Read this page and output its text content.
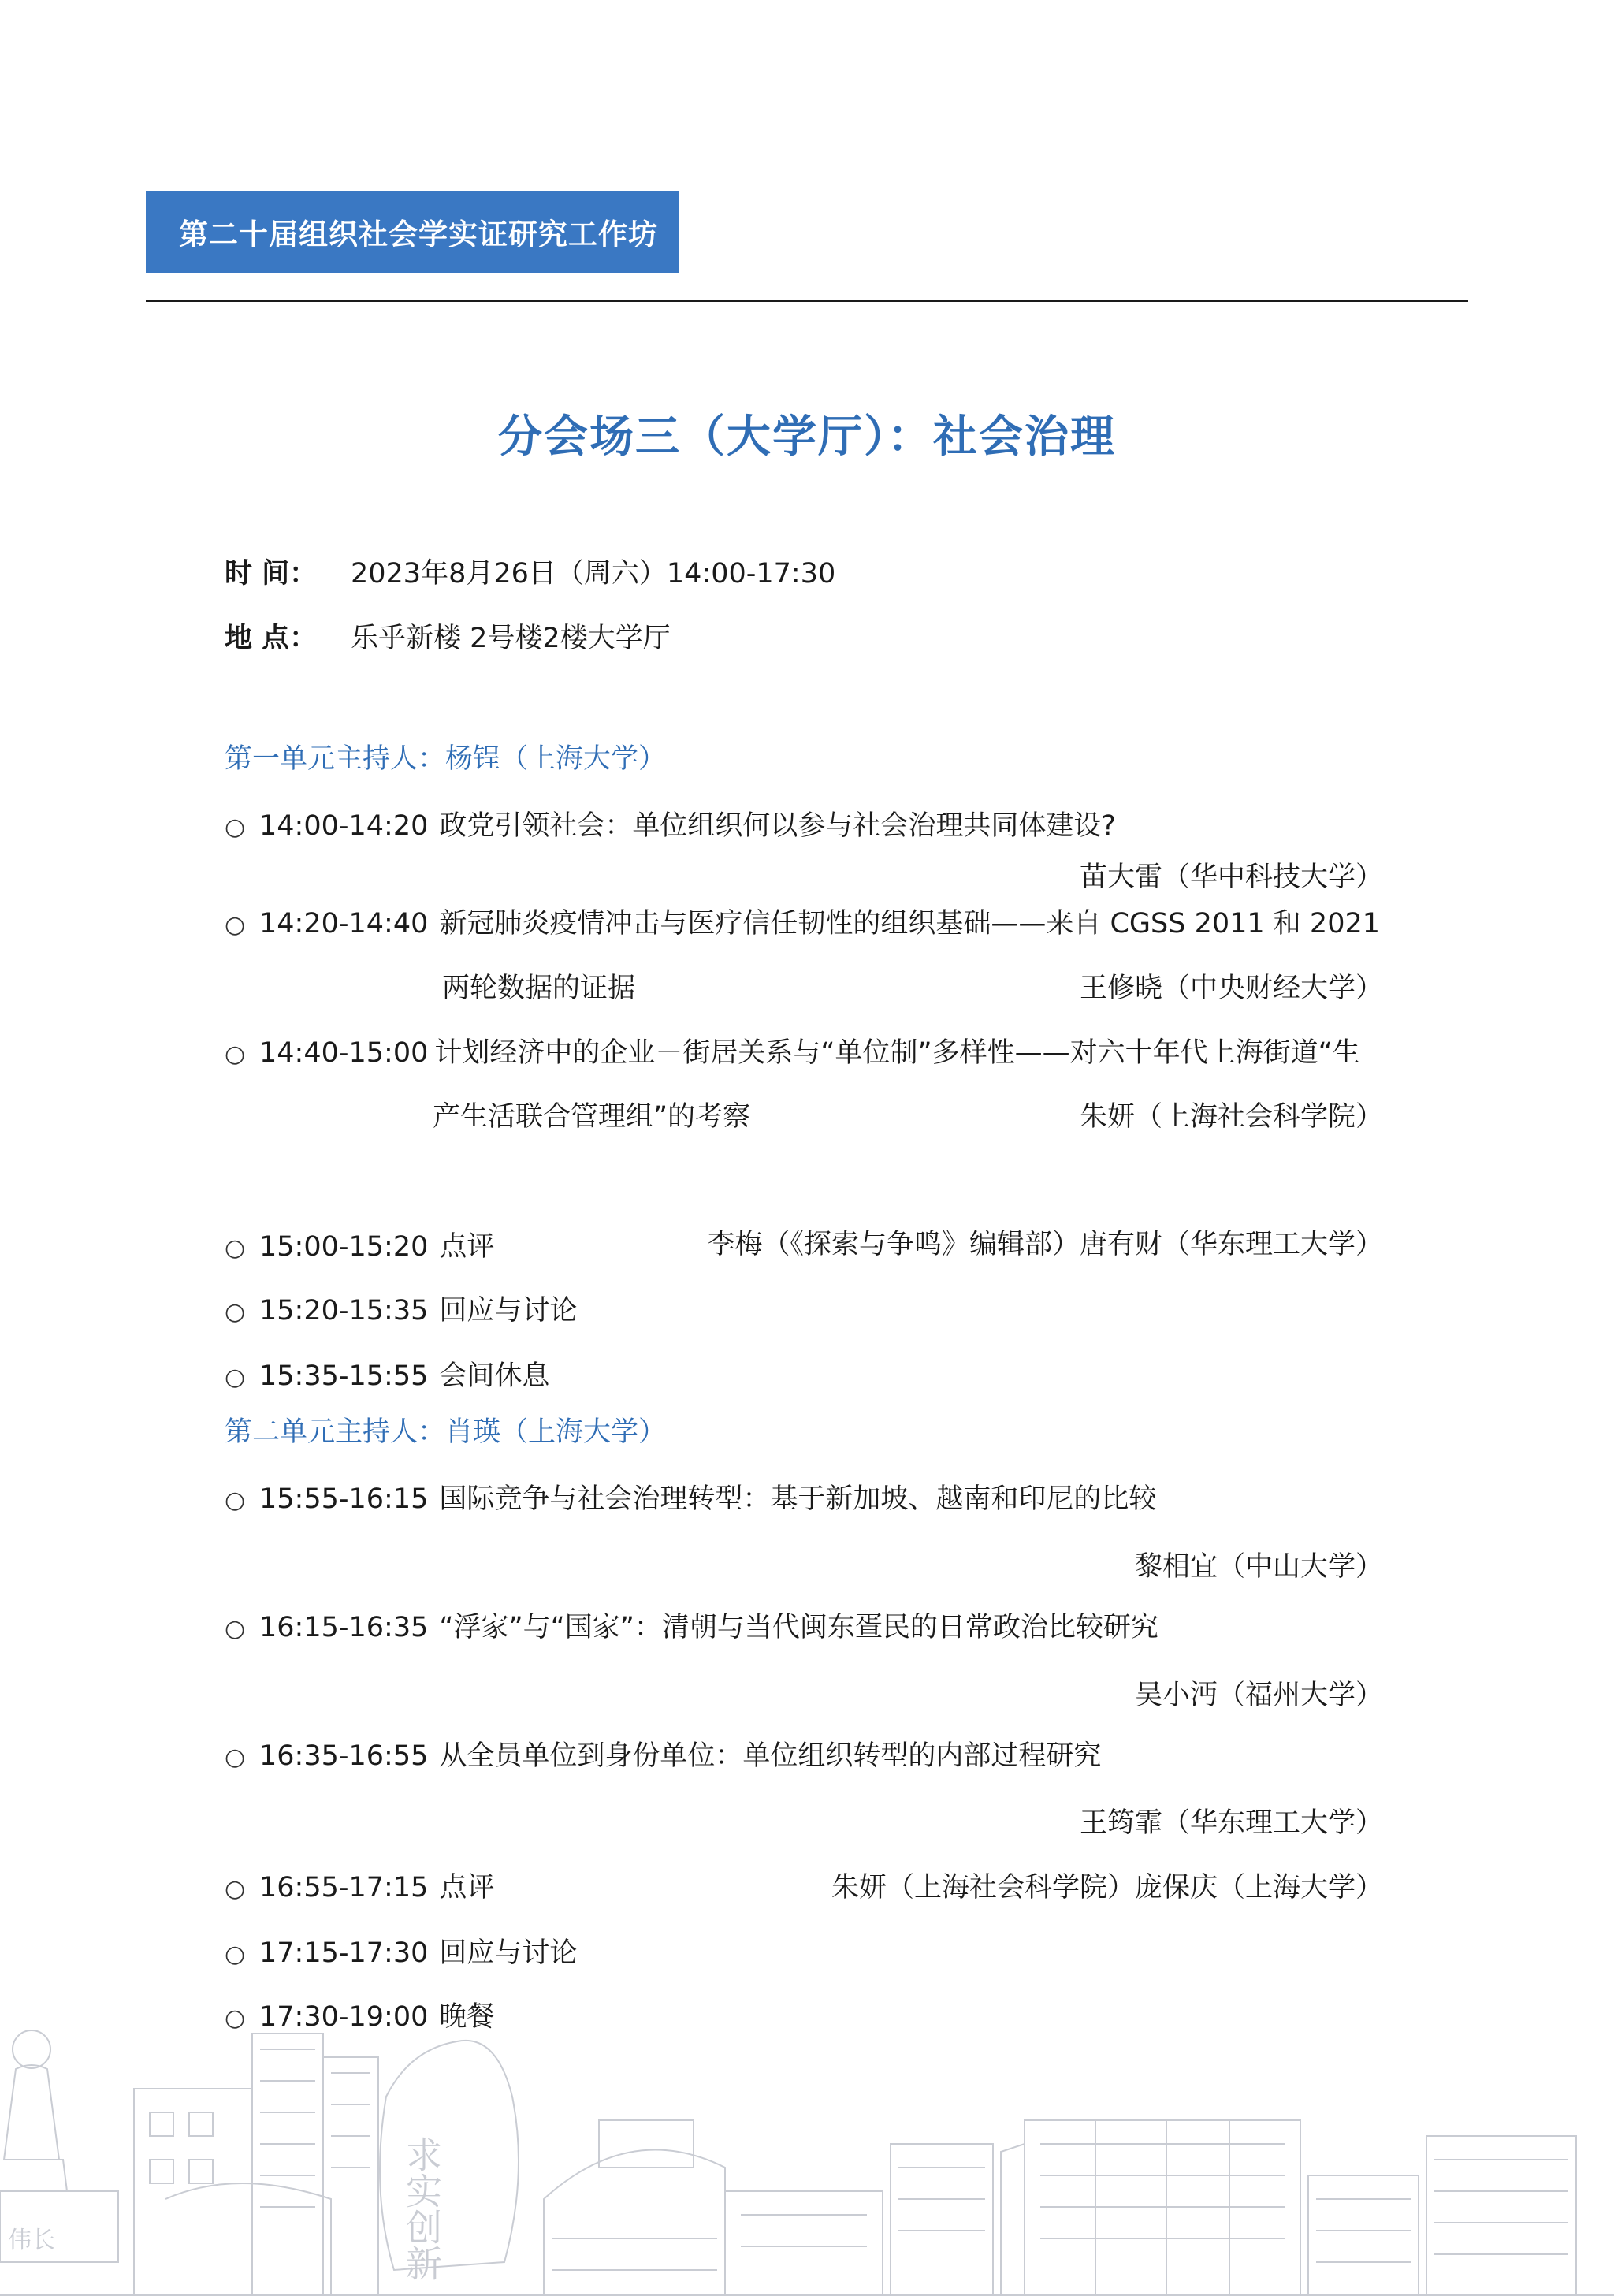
第二十届组织社会学实证研究工作坊
分会场三（大学厅）：社会治理
时 间： 2023年8月26日（周六）14:00-17:30
地 点： 乐乎新楼 2号楼2楼大学厅
第一单元主持人：杨锃（上海大学）
○ 14:00-14:20 政党引领社会：单位组织何以参与社会治理共同体建设?
苗大雷（华中科技大学）
○ 14:20-14:40 新冠肺炎疫情冲击与医疗信任韧性的组织基础——来自 CGSS 2011 和 2021
两轮数据的证据	王修晓（中央财经大学）
○ 14:40-15:00 计划经济中的企业－街居关系与“单位制”多样性——对六十年代上海街道“生
产生活联合管理组”的考察	朱妍（上海社会科学院）
○ 15:00-15:20 点评	李梅（《探索与争鸣》编辑部）唐有财（华东理工大学）
○ 15:20-15:35 回应与讨论
○ 15:35-15:55 会间休息
第二单元主持人：肖瑛（上海大学）
○ 15:55-16:15 国际竞争与社会治理转型：基于新加坡、越南和印尼的比较
黎相宜（中山大学）
○ 16:15-16:35 “浮家”与“国家”：清朝与当代闽东疍民的日常政治比较研究
吴小沔（福州大学）
○ 16:35-16:55 从全员单位到身份单位：单位组织转型的内部过程研究
王筠霏（华东理工大学）
○ 16:55-17:15 点评	朱妍（上海社会科学院）庞保庆（上海大学）
○ 17:15-17:30 回应与讨论
○ 17:30-19:00 晚餐
伟长	求实创新
